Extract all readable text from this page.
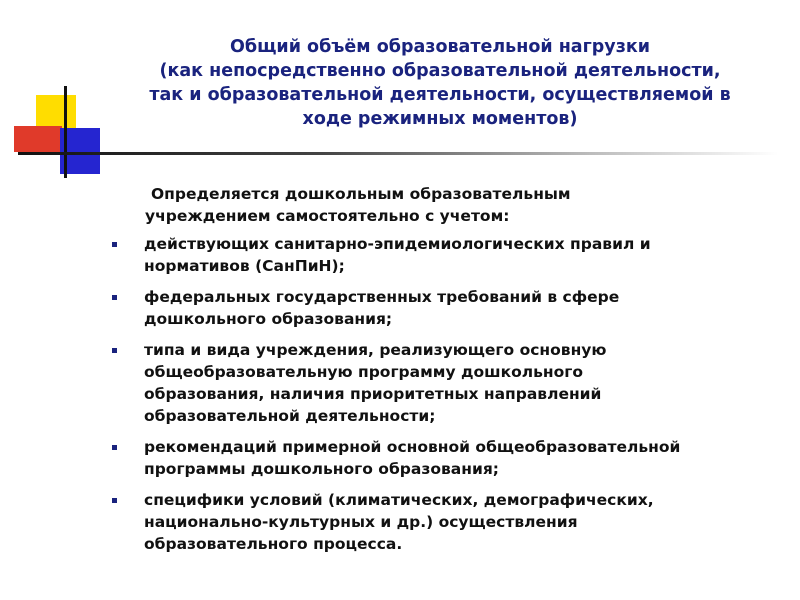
Общий объём образовательной нагрузки
(как непосредственно образовательной деятельности,
так и образовательной деятельности, осуществляемой в
ходе режимных моментов)

Определяется дошкольным образовательным
учреждением самостоятельно с учетом:

действующих санитарно-эпидемиологических правил и
нормативов (СанПиН);
федеральных государственных требований в сфере
дошкольного образования;
типа и вида учреждения, реализующего основную
общеобразовательную программу дошкольного
образования, наличия приоритетных направлений
образовательной деятельности;
рекомендаций примерной основной общеобразовательной
программы дошкольного образования;
специфики условий (климатических, демографических,
национально-культурных и др.) осуществления
образовательного процесса.
